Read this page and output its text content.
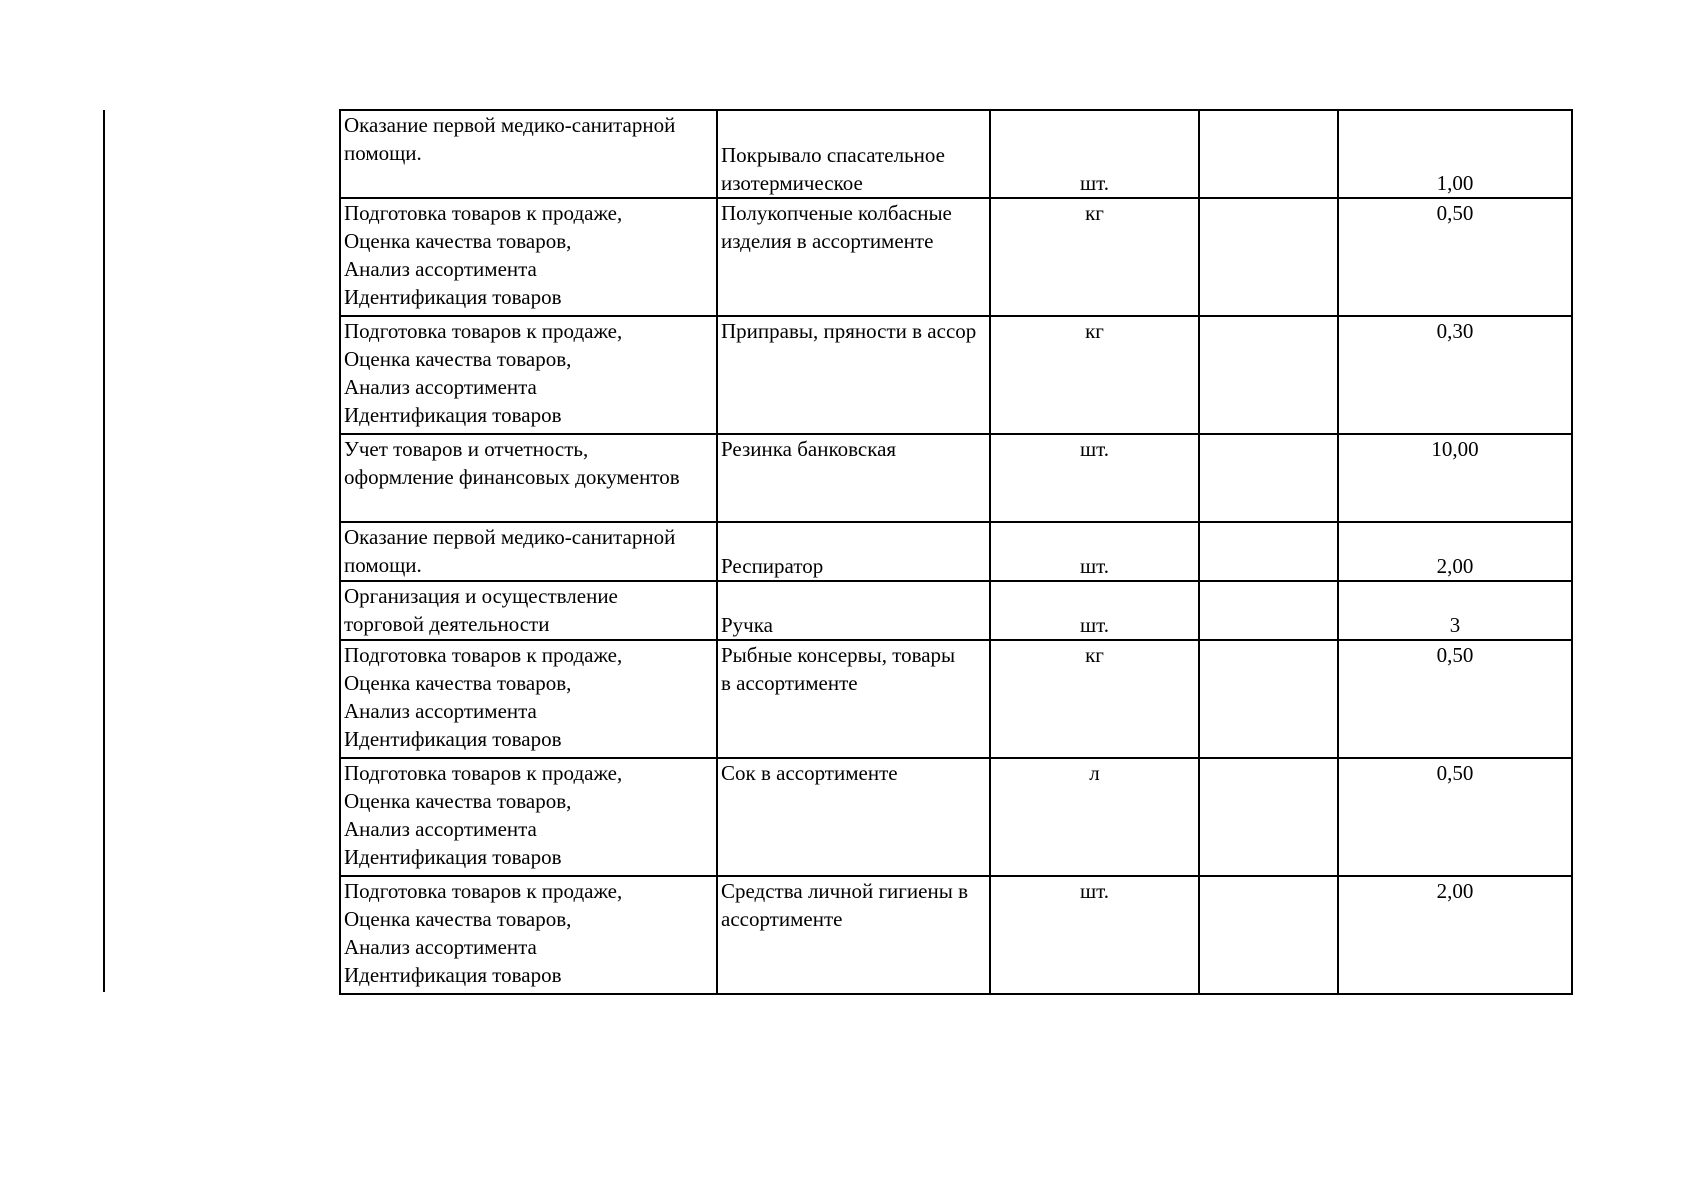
Оказание первой медико-санитарной
помощи.	Покрывало спасательное
изотермическое	шт.		1,00

Подготовка товаров к продаже,
Оценка качества товаров,
Анализ ассортимента
Идентификация товаров	Полукопченые колбасные
изделия в ассортименте	кг		0,50

Подготовка товаров к продаже,
Оценка качества товаров,
Анализ ассортимента
Идентификация товаров	Приправы, пряности в ассор	кг		0,30

Учет товаров и отчетность,
оформление финансовых документов	Резинка банковская	шт.		10,00

Оказание первой медико-санитарной
помощи.	Респиратор	шт.		2,00

Организация и осуществление
торговой деятельности	Ручка	шт.		3

Подготовка товаров к продаже,
Оценка качества товаров,
Анализ ассортимента
Идентификация товаров	Рыбные консервы, товары
в ассортименте	кг		0,50

Подготовка товаров к продаже,
Оценка качества товаров,
Анализ ассортимента
Идентификация товаров	Сок в ассортименте	л		0,50

Подготовка товаров к продаже,
Оценка качества товаров,
Анализ ассортимента
Идентификация товаров	Средства личной гигиены в
ассортименте	шт.		2,00
